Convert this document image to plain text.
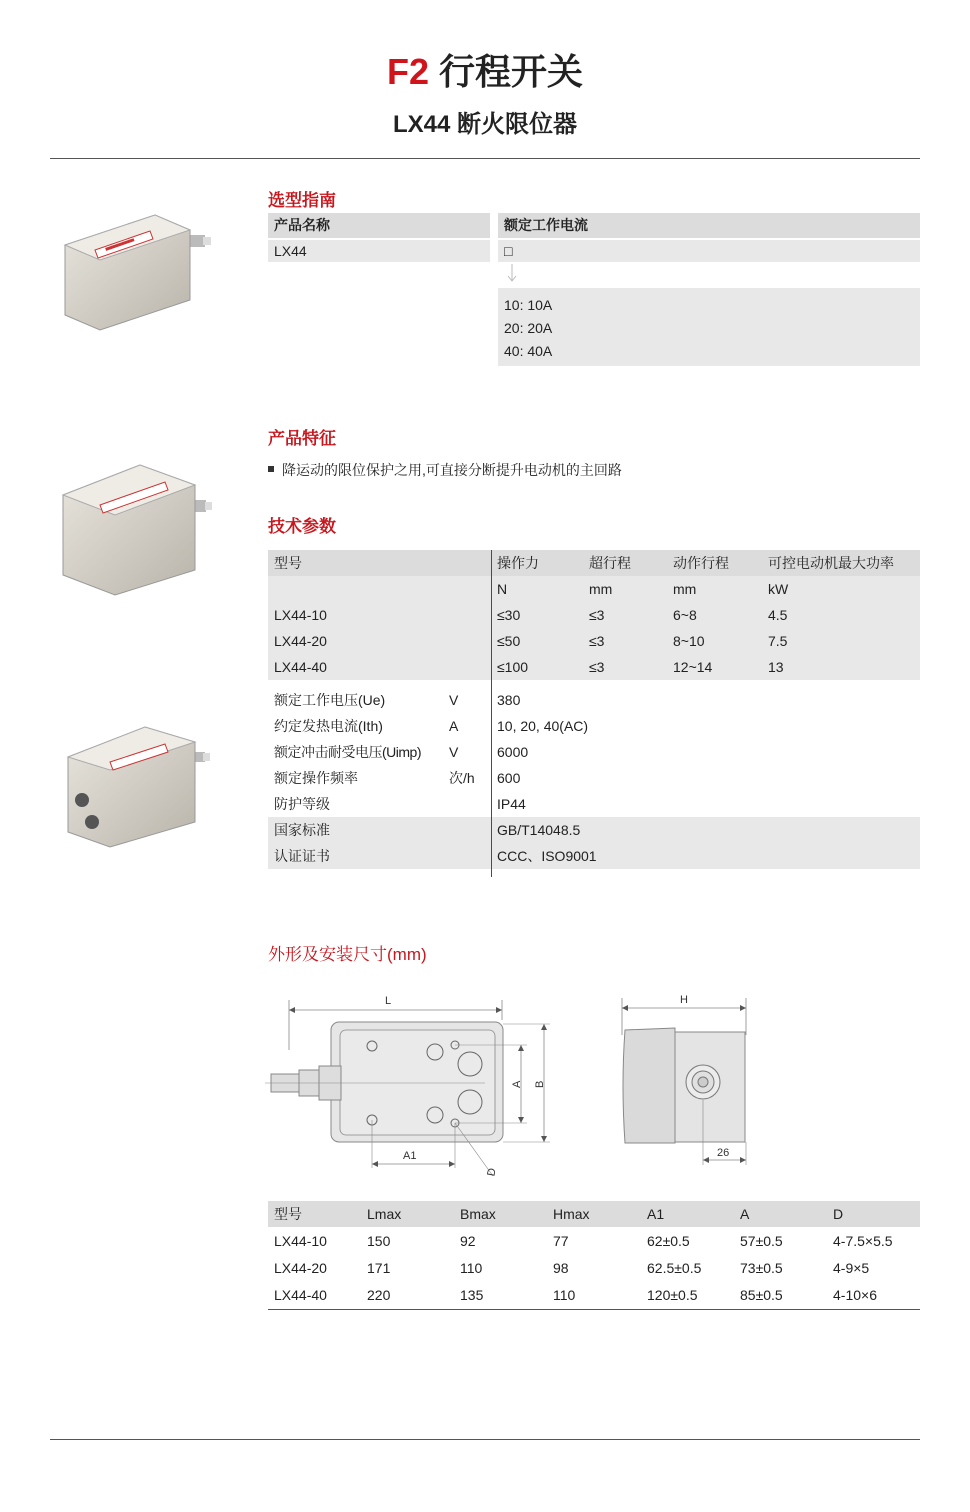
F2 行程开关
LX44 断火限位器
选型指南
产品名称	额定工作电流
LX44	□
10: 10A
20: 20A
40: 40A
产品特征
降运动的限位保护之用,可直接分断提升电动机的主回路
技术参数
型号	操作力	超行程	动作行程	可控电动机最大功率
	N	mm	mm	kW
LX44-10	≤30	≤3	6~8	4.5
LX44-20	≤50	≤3	8~10	7.5
LX44-40	≤100	≤3	12~14	13
额定工作电压(Ue)	V	380
约定发热电流(Ith)	A	10, 20, 40(AC)
额定冲击耐受电压(Uimp)	V	6000
额定操作频率	次/h	600
防护等级		IP44
国家标准		GB/T14048.5
认证证书		CCC、ISO9001
外形及安装尺寸(mm)
L
A B
A1
D
H
26
型号	Lmax	Bmax	Hmax	A1	A	D
LX44-10	150	92	77	62±0.5	57±0.5	4-7.5×5.5
LX44-20	171	110	98	62.5±0.5	73±0.5	4-9×5
LX44-40	220	135	110	120±0.5	85±0.5	4-10×6
